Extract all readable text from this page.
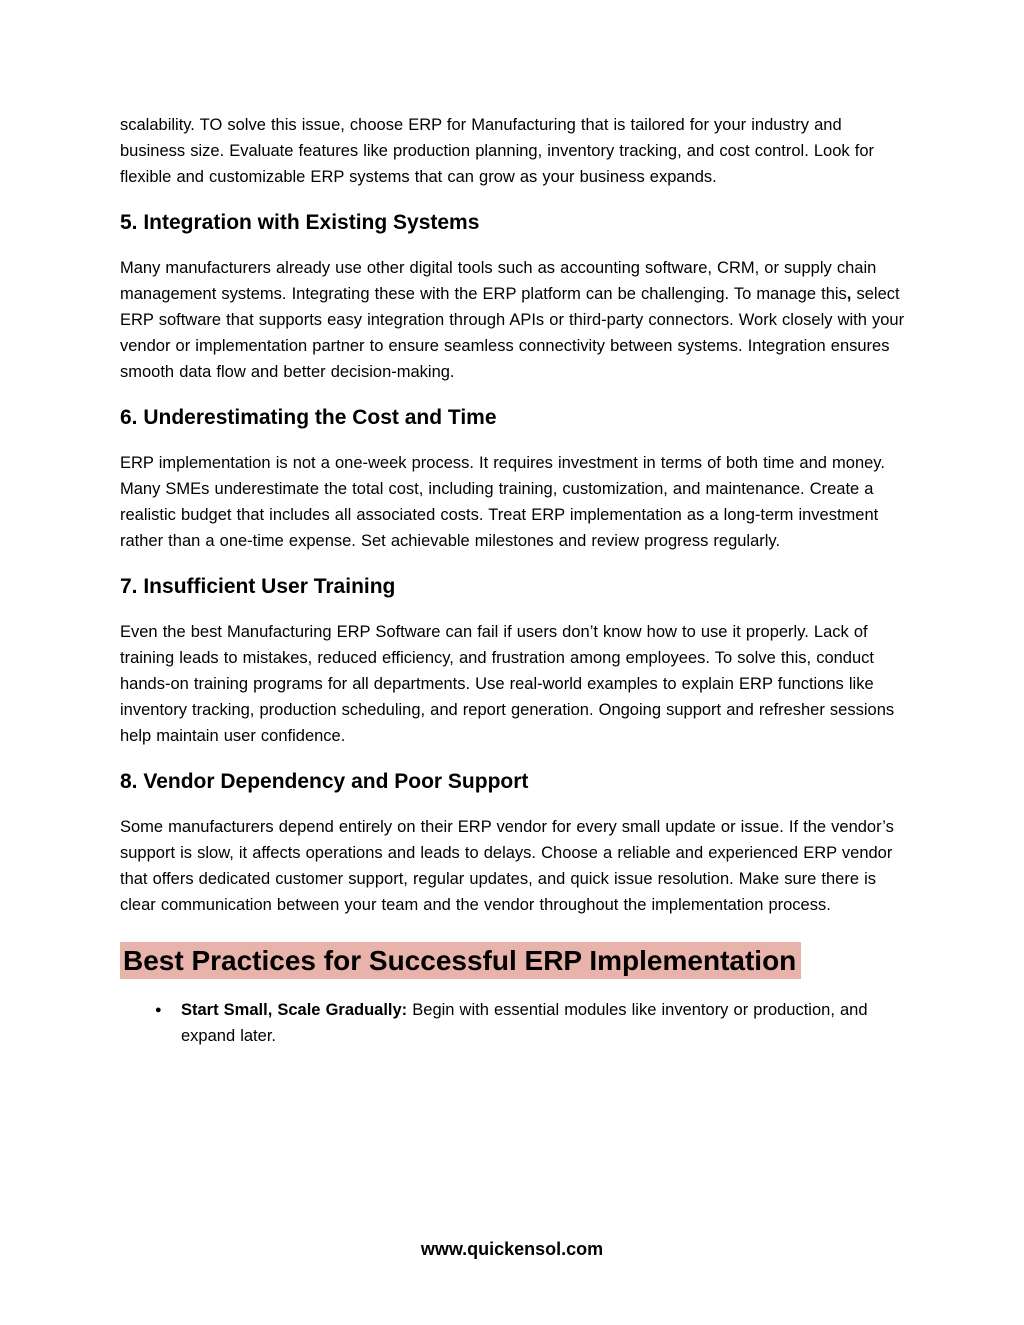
scalability. TO solve this issue, choose ERP for Manufacturing that is tailored for your industry and business size. Evaluate features like production planning, inventory tracking, and cost control. Look for flexible and customizable ERP systems that can grow as your business expands.

5. Integration with Existing Systems

Many manufacturers already use other digital tools such as accounting software, CRM, or supply chain management systems. Integrating these with the ERP platform can be challenging. To manage this, select ERP software that supports easy integration through APIs or third-party connectors. Work closely with your vendor or implementation partner to ensure seamless connectivity between systems. Integration ensures smooth data flow and better decision-making.

6. Underestimating the Cost and Time

ERP implementation is not a one-week process. It requires investment in terms of both time and money. Many SMEs underestimate the total cost, including training, customization, and maintenance. Create a realistic budget that includes all associated costs. Treat ERP implementation as a long-term investment rather than a one-time expense. Set achievable milestones and review progress regularly.

7. Insufficient User Training

Even the best Manufacturing ERP Software can fail if users don’t know how to use it properly. Lack of training leads to mistakes, reduced efficiency, and frustration among employees. To solve this, conduct hands-on training programs for all departments. Use real-world examples to explain ERP functions like inventory tracking, production scheduling, and report generation. Ongoing support and refresher sessions help maintain user confidence.

8. Vendor Dependency and Poor Support

Some manufacturers depend entirely on their ERP vendor for every small update or issue. If the vendor’s support is slow, it affects operations and leads to delays. Choose a reliable and experienced ERP vendor that offers dedicated customer support, regular updates, and quick issue resolution. Make sure there is clear communication between your team and the vendor throughout the implementation process.

Best Practices for Successful ERP Implementation
● Start Small, Scale Gradually: Begin with essential modules like inventory or production, and expand later.
www.quickensol.com
